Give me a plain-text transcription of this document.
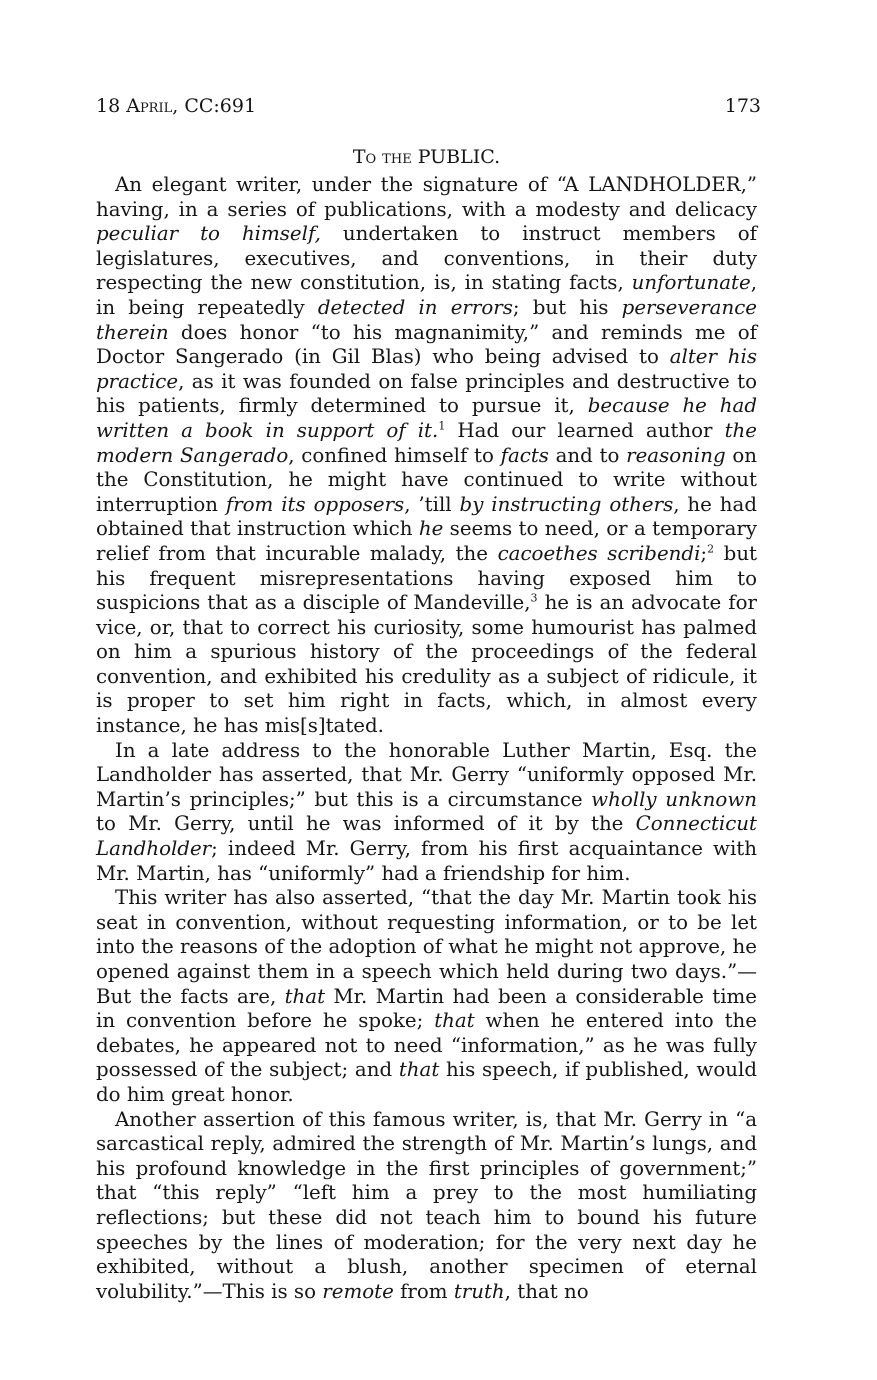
18 April, CC:691	173
To the PUBLIC.

An elegant writer, under the signature of “A LANDHOLDER,” having, in a series of publications, with a modesty and delicacy peculiar to himself, undertaken to instruct members of legislatures, executives, and conventions, in their duty respecting the new constitution, is, in stating facts, unfortunate, in being repeatedly detected in errors; but his perseverance therein does honor “to his magnanimity,” and reminds me of Doctor Sangerado (in Gil Blas) who being advised to alter his practice, as it was founded on false principles and destructive to his patients, firmly determined to pursue it, because he had written a book in support of it.$^1$ Had our learned author the modern Sangerado, confined himself to facts and to reasoning on the Constitution, he might have continued to write without interruption from its opposers, ’till by instructing others, he had obtained that instruction which he seems to need, or a temporary relief from that incurable malady, the cacoethes scribendi;$^2$ but his frequent misrepresentations having exposed him to suspicions that as a disciple of Mandeville,$^3$ he is an advocate for vice, or, that to correct his curiosity, some humourist has palmed on him a spurious history of the proceedings of the federal convention, and exhibited his credulity as a subject of ridicule, it is proper to set him right in facts, which, in almost every instance, he has mis[s]tated.

In a late address to the honorable Luther Martin, Esq. the Landholder has asserted, that Mr. Gerry “uniformly opposed Mr. Martin’s principles;” but this is a circumstance wholly unknown to Mr. Gerry, until he was informed of it by the Connecticut Landholder; indeed Mr. Gerry, from his first acquaintance with Mr. Martin, has “uniformly” had a friendship for him.

This writer has also asserted, “that the day Mr. Martin took his seat in convention, without requesting information, or to be let into the reasons of the adoption of what he might not approve, he opened against them in a speech which held during two days.”—But the facts are, that Mr. Martin had been a considerable time in convention before he spoke; that when he entered into the debates, he appeared not to need “information,” as he was fully possessed of the subject; and that his speech, if published, would do him great honor.

Another assertion of this famous writer, is, that Mr. Gerry in “a sarcastical reply, admired the strength of Mr. Martin’s lungs, and his profound knowledge in the first principles of government;” that “this reply” “left him a prey to the most humiliating reflections; but these did not teach him to bound his future speeches by the lines of moderation; for the very next day he exhibited, without a blush, another specimen of eternal volubility.”—This is so remote from truth, that no
